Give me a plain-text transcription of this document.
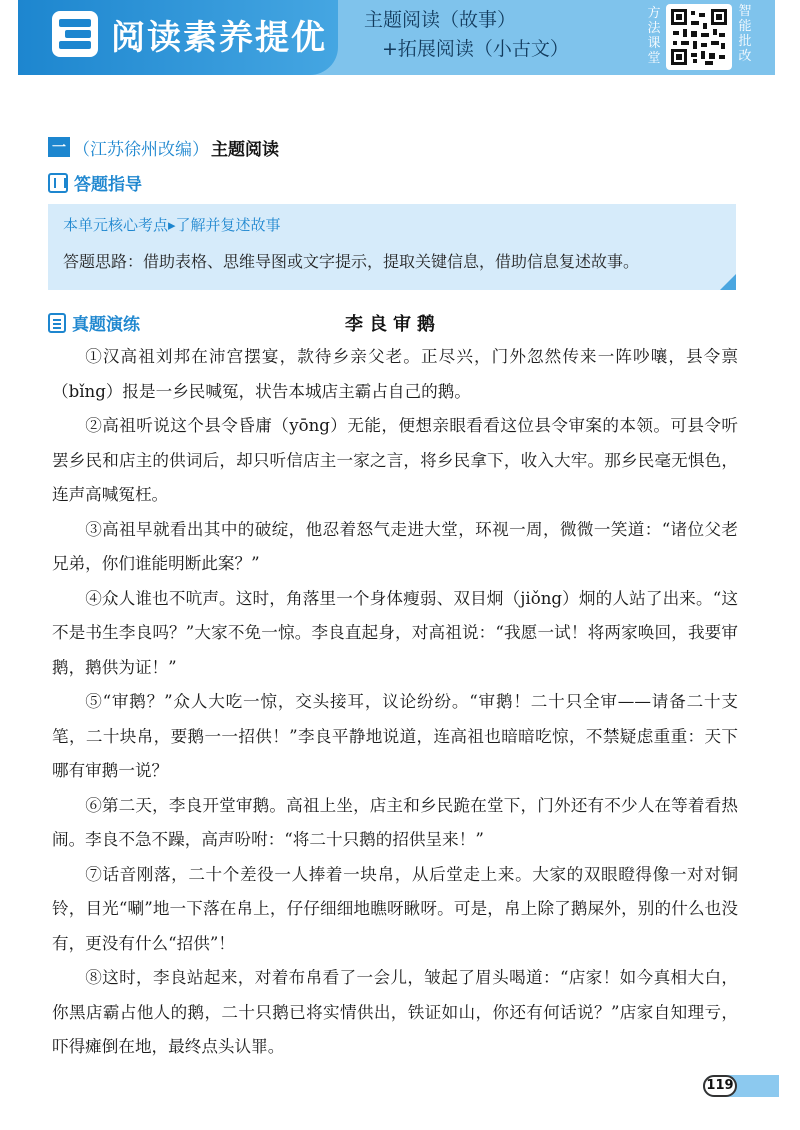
阅读素养提优 主题阅读（故事）
+拓展阅读（小古文）
方法课堂
智能批改
一 （江苏徐州改编） 主题阅读
答题指导
本单元核心考点▸了解并复述故事
答题思路：借助表格、思维导图或文字提示，提取关键信息，借助信息复述故事。
真题演练	李良审鹅

①汉高祖刘邦在沛宫摆宴，款待乡亲父老。正尽兴，门外忽然传来一阵吵嚷，县令禀（bǐng）报是一乡民喊冤，状告本城店主霸占自己的鹅。

②高祖听说这个县令昏庸（yōng）无能，便想亲眼看看这位县令审案的本领。可县令听罢乡民和店主的供词后，却只听信店主一家之言，将乡民拿下，收入大牢。那乡民毫无惧色，连声高喊冤枉。

③高祖早就看出其中的破绽，他忍着怒气走进大堂，环视一周，微微一笑道：“诸位父老兄弟，你们谁能明断此案？”

④众人谁也不吭声。这时，角落里一个身体瘦弱、双目炯（jiǒng）炯的人站了出来。“这不是书生李良吗？”大家不免一惊。李良直起身，对高祖说：“我愿一试！将两家唤回，我要审鹅，鹅供为证！”

⑤“审鹅？”众人大吃一惊，交头接耳，议论纷纷。“审鹅！二十只全审——请备二十支笔，二十块帛，要鹅一一招供！”李良平静地说道，连高祖也暗暗吃惊，不禁疑虑重重：天下哪有审鹅一说？

⑥第二天，李良开堂审鹅。高祖上坐，店主和乡民跪在堂下，门外还有不少人在等着看热闹。李良不急不躁，高声吩咐：“将二十只鹅的招供呈来！”

⑦话音刚落，二十个差役一人捧着一块帛，从后堂走上来。大家的双眼瞪得像一对对铜铃，目光“唰”地一下落在帛上，仔仔细细地瞧呀瞅呀。可是，帛上除了鹅屎外，别的什么也没有，更没有什么“招供”！

⑧这时，李良站起来，对着布帛看了一会儿，皱起了眉头喝道：“店家！如今真相大白，你黑店霸占他人的鹅，二十只鹅已将实情供出，铁证如山，你还有何话说？”店家自知理亏，吓得瘫倒在地，最终点头认罪。

119
